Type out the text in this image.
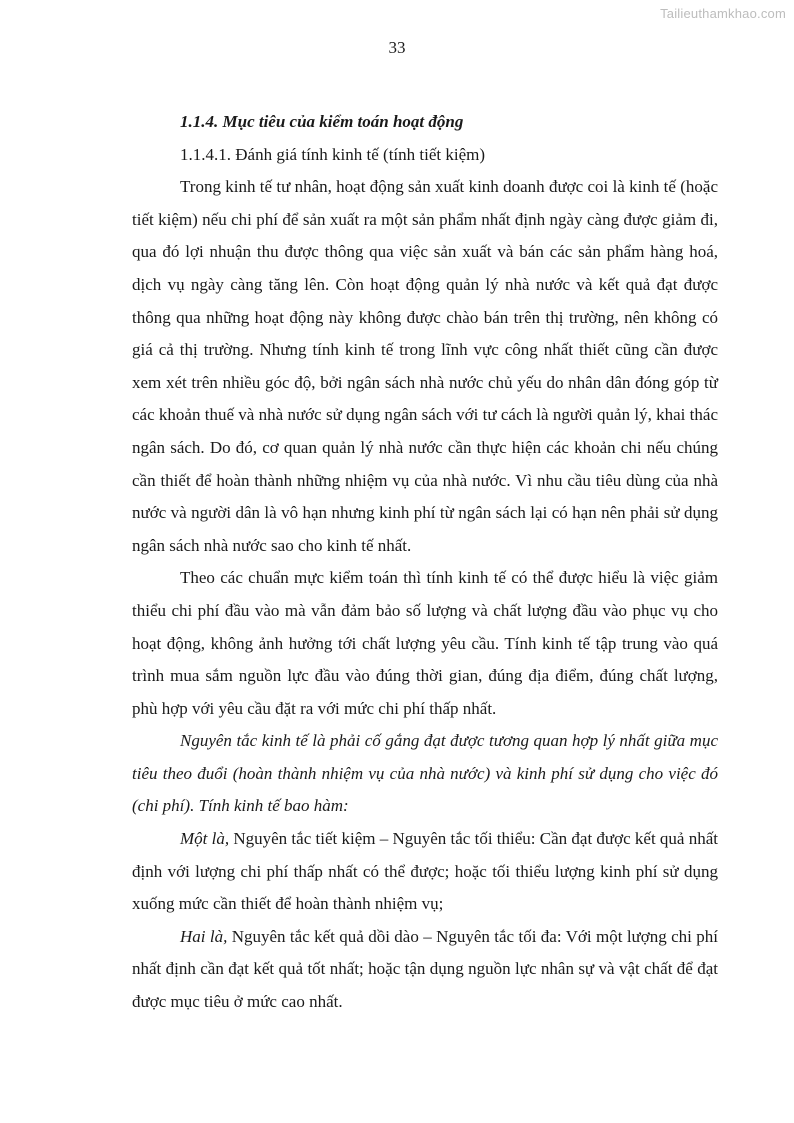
Tailieuthamkhao.com
33

1.1.4. Mục tiêu của kiểm toán hoạt động

1.1.4.1. Đánh giá tính kinh tế (tính tiết kiệm)

Trong kinh tế tư nhân, hoạt động sản xuất kinh doanh được coi là kinh tế (hoặc tiết kiệm) nếu chi phí để sản xuất ra một sản phẩm nhất định ngày càng được giảm đi, qua đó lợi nhuận thu được thông qua việc sản xuất và bán các sản phẩm hàng hoá, dịch vụ ngày càng tăng lên. Còn hoạt động quản lý nhà nước và kết quả đạt được thông qua những hoạt động này không được chào bán trên thị trường, nên không có giá cả thị trường. Nhưng tính kinh tế trong lĩnh vực công nhất thiết cũng cần được xem xét trên nhiều góc độ, bởi ngân sách nhà nước chủ yếu do nhân dân đóng góp từ các khoản thuế và nhà nước sử dụng ngân sách với tư cách là người quản lý, khai thác ngân sách. Do đó, cơ quan quản lý nhà nước cần thực hiện các khoản chi nếu chúng cần thiết để hoàn thành những nhiệm vụ của nhà nước. Vì nhu cầu tiêu dùng của nhà nước và người dân là vô hạn nhưng kinh phí từ ngân sách lại có hạn nên phải sử dụng ngân sách nhà nước sao cho kinh tế nhất.

Theo các chuẩn mực kiểm toán thì tính kinh tế có thể được hiểu là việc giảm thiểu chi phí đầu vào mà vẫn đảm bảo số lượng và chất lượng đầu vào phục vụ cho hoạt động, không ảnh hưởng tới chất lượng yêu cầu. Tính kinh tế tập trung vào quá trình mua sắm nguồn lực đầu vào đúng thời gian, đúng địa điểm, đúng chất lượng, phù hợp với yêu cầu đặt ra với mức chi phí thấp nhất.

Nguyên tắc kinh tế là phải cố gắng đạt được tương quan hợp lý nhất giữa mục tiêu theo đuổi (hoàn thành nhiệm vụ của nhà nước) và kinh phí sử dụng cho việc đó (chi phí). Tính kinh tế bao hàm:

Một là, Nguyên tắc tiết kiệm – Nguyên tắc tối thiểu: Cần đạt được kết quả nhất định với lượng chi phí thấp nhất có thể được; hoặc tối thiểu lượng kinh phí sử dụng xuống mức cần thiết để hoàn thành nhiệm vụ;

Hai là, Nguyên tắc kết quả dồi dào – Nguyên tắc tối đa: Với một lượng chi phí nhất định cần đạt kết quả tốt nhất; hoặc tận dụng nguồn lực nhân sự và vật chất để đạt được mục tiêu ở mức cao nhất.
